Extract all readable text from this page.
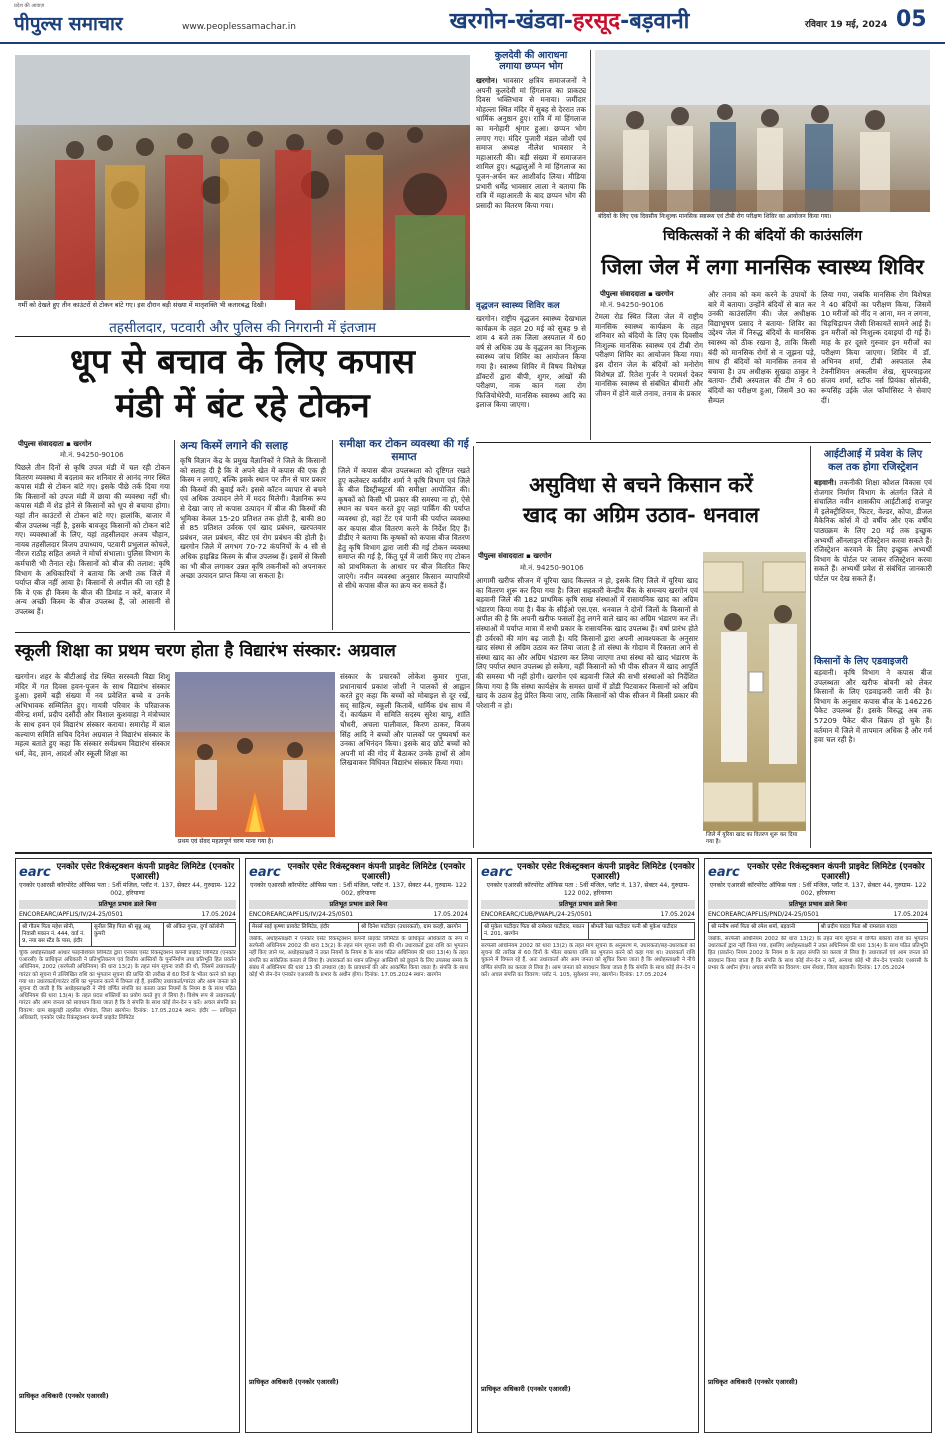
पीपुल्स समाचार
प्रदेश की आवाज़
www.peoplessamachar.in	खरगोन-खंडवा-हरसूद-बड़वानी	रविवार 19 मई, 2024 05
गर्मी को देखते हुए तीन काउंटरों से टोकन बांटे गए। इस दौरान बड़ी संख्या में मातृशक्ति भी कतारबद्ध दिखी।
तहसीलदार, पटवारी और पुलिस की निगरानी में इंतजाम
धूप से बचाव के लिए कपास
मंडी में बंट रहे टोकन
पीपुल्स संवाददाता ▪ खरगोन
मो.नं. 94250-90106
पिछले तीन दिनों से कृषि उपज मंडी में चल रही टोकन वितरण व्यवस्था में बदलाव कर शनिवार से आनंद नगर स्थित कपास मंडी से टोकन बांटे गए। इसके पीछे तर्क दिया गया कि किसानों को उपज मंडी में छाया की व्यवस्था नहीं थी। कपास मंडी में शेड होने से किसानों को धूप से बचाया होगा। यहां तीन काउंटरों से टोकन बांटे गए। हालांकि, बाजार में बीज उपलब्ध नहीं है, इसके बावजूद किसानों को टोकन बांटे गए। व्यवस्थाओं के लिए, यहां तहसीलदार अजय चौहान, नायब तहसीलदार विजय उपाध्याय, पटवारी प्रभुलाल कोचले, नीरज राठौड़ सहित अमले ने मोर्चा संभाला। पुलिस विभाग के कर्मचारी भी तैनात रहे। किसानों को बीज की तलाश: कृषि विभाग के अधिकारियों ने बताया कि अभी तक जिले में पर्याप्त बीज नहीं आया है। किसानों से अपील की जा रही है कि वे एक ही किस्म के बीज की डिमांड न करें, बाजार में अन्य अच्छी किस्म के बीज उपलब्ध हैं, जो आसानी से उपलब्ध हैं।
अन्य किस्में लगाने की सलाह
कृषि विज्ञान केंद्र के प्रमुख वैज्ञानिकों ने जिले के किसानों को सलाह दी है कि वे अपने खेत में कपास की एक ही किस्म न लगाएं, बल्कि इसके स्थान पर तीन से चार प्रकार की किस्मों की बुवाई करें। इससे कॉटन व्यापार से बचने एवं अधिक उत्पादन लेने में मदद मिलेगी। वैज्ञानिक रूप से देखा जाए तो कपास उत्पादन में बीज की किस्मों की भूमिका केवल 15-20 प्रतिशत तक होती है, बाकी 80 से 85 प्रतिशत उर्वरक एवं खाद प्रबंधन, खरपतवार प्रबंधन, जल प्रबंधन, कीट एवं रोग प्रबंधन की होती है। खरगोन जिले में लगभग 70-72 कंपनियों के 4 सौ से अधिक हाइब्रिड किस्म के बीज उपलब्ध हैं। इसमें से किसी का भी बीज लगाकर उन्नत कृषि तकनीकों को अपनाकर अच्छा उत्पादन प्राप्त किया जा सकता है।
समीक्षा कर टोकन व्यवस्था की गई समाप्त
जिले में कपास बीज उपलब्धता को दृष्टिगत रखते हुए कलेक्टर कर्मवीर शर्मा ने कृषि विभाग एवं जिले के बीज डिस्ट्रीब्यूटर्स की समीक्षा आयोजित की। कृषकों को किसी भी प्रकार की समस्या ना हो, ऐसे स्थान का चयन करते हुए जहां पार्किंग की पर्याप्त व्यवस्था हो, वहां टेंट एवं पानी की पर्याप्त व्यवस्था कर कपास बीज वितरण करने के निर्देश दिए हैं। डीडीए ने बताया कि कृषकों को कपास बीज वितरण हेतु कृषि विभाग द्वारा जारी की गई टोकन व्यवस्था समाप्त की गई है, किंतु पूर्व में जारी किए गए टोकन को प्राथमिकता के आधार पर बीज वितरित किए जाएंगे। नवीन व्यवस्था अनुसार किसान व्यापारियों से सीधे कपास बीज का क्रय कर सकते हैं।
कुलदेवी की आराधना
लगाया छप्पन भोग
खरगोन। भावसार क्षत्रिय समाजजनों ने अपनी कुलदेवी मां हिंगलाज का प्राकट्य दिवस भक्तिभाव से मनाया। जमींदार मोहल्ला स्थित मंदिर में सुबह से देररात तक धार्मिक अनुष्ठान हुए। रात्रि में मां हिंगलाज का मनोहारी श्रृंगार हुआ। छप्पन भोग लगाए गए। मंदिर पुजारी मंडल जोशी एवं समाज अध्यक्ष नीलेश भावसार ने महाआरती की। बड़ी संख्या में समाजजन शामिल हुए। श्रद्धालुओं ने मां हिंगलाज का पूजन-अर्चन कर आशीर्वाद लिया। मीडिया प्रभारी धर्मेंद्र भावसार लाला ने बताया कि रात्रि में महाआरती के बाद छप्पन भोग की प्रसादी का वितरण किया गया।
वृद्धजन स्वास्थ्य शिविर कल
खरगोन। राष्ट्रीय वृद्धजन स्वास्थ्य देखभाल कार्यक्रम के तहत 20 मई को सुबह 9 से शाम 4 बजे तक जिला अस्पताल में 60 वर्ष से अधिक उम्र के वृद्धजन का निःशुल्क स्वास्थ्य जांच शिविर का आयोजन किया गया है। स्वास्थ्य शिविर में विषय विशेषज्ञ डॉक्टरों द्वारा बीपी, शुगर, आंखों की परीक्षण, नाक कान गला रोग फिजियोथेरेपी, मानसिक स्वास्थ्य आदि का इलाज किया जाएगा।
बंदियों के लिए एक दिवसीय निःशुल्क मानसिक स्वास्थ्य एवं टीबी रोग परीक्षण शिविर का आयोजन किया गया।
चिकित्सकों ने की बंदियों की काउंसलिंग
जिला जेल में लगा मानसिक स्वास्थ्य शिविर
पीपुल्स संवाददाता ▪ खरगोन
मो.नं. 94250-90106
टेमला रोड स्थित जिला जेल में राष्ट्रीय मानसिक स्वास्थ्य कार्यक्रम के तहत शनिवार को बंदियों के लिए एक दिवसीय निःशुल्क मानसिक स्वास्थ्य एवं टीबी रोग परीक्षण शिविर का आयोजन किया गया। इस दौरान जेल के बंदियों को मनोरोग विशेषज्ञ डॉ. रितेश गुर्जर ने परामर्श देकर मानसिक स्वास्थ्य से संबंधित बीमारी और जीवन में होने वाले तनाव, तनाव के प्रकार
और तनाव को कम करने के उपायों के बारे में बताया। उन्होंने बंदियों से बात कर उनकी काउंसलिंग की। जेल अधीक्षक विद्याभूषण प्रसाद ने बताया- शिविर का उद्देश्य जेल में निरुद्ध बंदियों के मानसिक स्वास्थ्य को ठीक रखना है, ताकि किसी बंदी को मानसिक रोगों से न जूझना पड़े, साथ ही बंदियों को मानसिक तनाव से बचाया है। उप अधीक्षक सुखदा ठाकुर ने बताया- टीबी अस्पताल की टीम ने 60 बंदियों का परीक्षण हुआ, जिसमें 30 का सैम्पल
लिया गया, जबकि मानसिक रोग विशेषज्ञ ने 40 बंदियों का परीक्षण किया, जिसमें 10 मरीजों को नींद न आना, मन न लगना, चिड़चिड़ापन जैसी शिकायतें सामने आई हैं। इन मरीजों को निःशुल्क दवाइयां दी गई हैं। माह के हर दूसरे गुरुवार इन मरीजों का परीक्षण किया जाएगा। शिविर में डॉ. अभिनव शर्मा, टीबी अस्पताल लैब टेक्नीशियन अकलीम शेख, सुपरवाइजर संजय शर्मा, स्टॉफ नर्स प्रियंका सोलंकी, रूपसिंह उईके जेल फॉर्मासिस्ट ने सेवाएं दीं।
असुविधा से बचने किसान करें
खाद का अग्रिम उठाव- धनवाल
पीपुल्स संवाददाता ▪ खरगोन
मो.नं. 94250-90106
आगामी खरीफ सीजन में यूरिया खाद किल्लत न हो, इसके लिए जिले में यूरिया खाद का वितरण शुरू कर दिया गया है। जिला सहकारी केन्द्रीय बैंक के समन्वय खरगोन एवं बड़वानी जिले की 182 प्राथमिक कृषि साख संस्थाओं में रासायनिक खाद का अग्रिम भंडारण किया गया है। बैंक के सीईओ एस.एस. धनवाल ने दोनों जिलों के किसानों से अपील की है कि अपनी खरीफ फसलों हेतु लगने वाले खाद का अग्रिम भंडारण कर लें। संस्थाओं में पर्याप्त मात्रा में सभी प्रकार के रासायनिक खाद उपलब्ध हैं। वर्षा प्रारंभ होते ही उर्वरकों की मांग बढ़ जाती है। यदि किसानों द्वारा अपनी आवश्यकता के अनुसार खाद संस्था से अग्रिम उठाव कर लिया जाता है तो संस्था के गोदाम में रिक्तता आने से संस्था खाद का और अग्रिम भंडारण कर लिया जाएगा तथा संस्था को खाद भंडारण के लिए पर्याप्त स्थान उपलब्ध हो सकेगा, वहीं किसानों को भी पीक सीजन में खाद आपूर्ति की समस्या भी नहीं होगी। खरगोन एवं बड़वानी जिले की सभी संस्थाओं को निर्देशित किया गया है कि संस्था कार्यक्षेत्र के समस्त ग्रामों में डोंडी पिटवाकर किसानों को अग्रिम खाद के उठाव हेतु प्रेरित किया जाए, ताकि किसानों को पीक सीजन में किसी प्रकार की परेशानी न हो।
जिले में यूरिया खाद का वितरण शुरू कर दिया गया है।
आईटीआई में प्रवेश के लिए
कल तक होगा रजिस्ट्रेशन
बड़वानी। तकनीकी शिक्षा कौशल विकास एवं रोजगार निर्माण विभाग के अंतर्गत जिले में संचालित नवीन शासकीय आईटीआई राजपुर में इलेक्ट्रीशियन, फिटर, वेल्डर, कोपा, डीजल मैकेनिक कोर्स में दो वर्षीय और एक वर्षीय पाठ्यक्रम के लिए 20 मई तक इच्छुक अभ्यर्थी ऑनलाइन रजिस्ट्रेशन करवा सकते हैं। रजिस्ट्रेशन करवाने के लिए इच्छुक अभ्यर्थी विभाग के पोर्टल पर जाकर रजिस्ट्रेशन करवा सकते हैं। अभ्यर्थी प्रवेश से संबंधित जानकारी पोर्टल पर देख सकते हैं।
किसानों के लिए एडवाइजरी
बड़वानी। कृषि विभाग ने कपास बीज उपलब्धता और खरीफ बोवनी को लेकर किसानों के लिए एडवाइजरी जारी की है। विभाग के अनुसार कपास बीज के 146226 पैकेट उपलब्ध हैं। इसके विरुद्ध अब तक 57209 पैकेट बीज विक्रय हो चुके हैं। वर्तमान में जिले में तापमान अधिक है और गर्म हवा चल रही है।
स्कूली शिक्षा का प्रथम चरण होता है विद्यारंभ संस्कार: अग्रवाल
खरगोन। शहर के बीटीआई रोड स्थित सरस्वती विद्या शिशु मंदिर में गत दिवस हवन-पूजन के साथ विद्यारंभ संस्कार हुआ। इसमें बड़ी संख्या में नव प्रवेशित बच्चे व उनके अभिभावक सम्मिलित हुए। गायत्री परिवार के परिव्राजक वीरेन्द्र शर्मा, प्रदीप दसौंदी और विशाल कुशवाहा ने मंत्रोच्चार के साथ हवन एवं विद्यारंभ संस्कार कराया। समारोह में बाल कल्याण समिति सचिव दिनेश अग्रवाल ने विद्यारंभ संस्कार के महत्व बताते हुए कहा कि संस्कार सर्वप्रथम विद्यारंभ संस्कार धर्म, वेद, ज्ञान, आदर्श और स्कूली शिक्षा का
प्रथम एवं सेंवद महत्वपूर्ण चरण माना गया है।
संस्कार के प्रचारकों लोकेश कुमार गुप्ता, प्रधानाचार्य प्रकाश जोशी ने पालकों से आह्वान करते हुए कहा कि बच्चों को मोबाइल से दूर रखें, सद् साहित्य, स्कूली किताबें, धार्मिक ग्रंथ साथ में दें। कार्यक्रम में समिति सदस्य सुरेश बापू, शांति चौधरी, अचला पालीवाल, किरण ठाकर, विजय सिंह आदि ने बच्चों और पालकों पर पुष्पवर्षा कर उनका अभिनंदन किया। इसके बाद छोटे बच्चों को अपनी मां की गोद में बैठाकर उनके हाथों से ओम लिखवाकर विधिवत विद्यारंभ संस्कार किया गया।
earc एनकोर एसेट रिकंस्ट्रक्शन कंपनी प्राइवेट लिमिटेड (एनकोर एआरसी)
एनकोर एआरसी कॉरपोरेट ऑफिस पता : 5वीं मंजिल, प्लॉट नं. 137, सेक्टर 44, गुरुग्राम- 122 002, हरियाणा
प्रतिभूत प्रभाव डाले बिना
ENCOREARC/APFLIS/IV/24-25/0501	17.05.2024
श्री गौतम पिता महेश सोनी, निवासी मकान नं. 444, वार्ड नं. 9, नया बस स्टैंड के पास, इंदौर
सुनील सिंह पिता श्री सुन्नू अन्नू कुमरी
श्री अंकित गुप्ता, दुर्गा कॉलोनी
चूंकि अधोहस्ताक्षरी आधार फाइनेंशियल लिमिटेड द्वारा एनकोर एसेट रिकंस्ट्रक्शन कंपनी प्राइवेट लिमिटेड (एनकोर एआरसी) के प्राधिकृत अधिकारी ने प्रतिभूतिकरण एवं वित्तीय आस्तियों के पुनर्निर्माण तथा प्रतिभूति हित प्रवर्तन अधिनियम, 2002 (सरफेसी अधिनियम) की धारा 13(2) के तहत मांग सूचना जारी की थी, जिसमें उधारकर्ता/गारंटर को सूचना में उल्लिखित राशि का भुगतान सूचना की प्राप्ति की तारीख से 60 दिनों के भीतर करने को कहा गया था। उधारकर्ता/गारंटर राशि का भुगतान करने में विफल रहे हैं, इसलिए उधारकर्ता/गारंटर और आम जनता को सूचना दी जाती है कि अधोहस्ताक्षरी ने नीचे वर्णित संपत्ति का कब्जा उक्त नियमों के नियम 8 के साथ पठित अधिनियम की धारा 13(4) के तहत प्रदत्त शक्तियों का प्रयोग करते हुए ले लिया है। विशेष रूप से उधारकर्ता/गारंटर और आम जनता को सावधान किया जाता है कि वे संपत्ति के साथ कोई लेन-देन न करें। अचल संपत्ति का विवरण: ग्राम बाबुलड़ी तहसील गोगांवा, जिला खरगोन। दिनांक: 17.05.2024 स्थान: इंदौर — प्राधिकृत अधिकारी, एनकोर एसेट रिकंस्ट्रक्शन कंपनी प्राइवेट लिमिटेड
प्राधिकृत अधिकारी (एनकोर एआरसी)
earc एनकोर एसेट रिकंस्ट्रक्शन कंपनी प्राइवेट लिमिटेड (एनकोर एआरसी)
एनकोर एआरसी कॉरपोरेट ऑफिस पता : 5वीं मंजिल, प्लॉट नं. 137, सेक्टर 44, गुरुग्राम- 122 002, हरियाणा
प्रतिभूत प्रभाव डाले बिना
ENCOREARC/APFLIS/IV/24-25/0501	17.05.2024
मेसर्स साई कृष्णा प्रायवेट लिमिटेड, इंदौर	श्री दिनेश पाटीदार (उधारकर्ता), ग्राम करही, खरगोन
जबकि, अधोहस्ताक्षरी ने एनकोर एसेट रिकंस्ट्रक्शन कंपनी प्राइवेट लिमिटेड के प्राधिकृत अधिकारी के रूप में सरफेसी अधिनियम 2002 की धारा 13(2) के तहत मांग सूचना जारी की थी। उधारकर्ता द्वारा राशि का भुगतान नहीं किए जाने पर, अधोहस्ताक्षरी ने उक्त नियमों के नियम 8 के साथ पठित अधिनियम की धारा 13(4) के तहत संपत्ति का सांकेतिक कब्जा ले लिया है। उधारकर्ता का ध्यान प्रतिभूत आस्तियों को छुड़ाने के लिए उपलब्ध समय के संबंध में अधिनियम की धारा 13 की उपधारा (8) के प्रावधानों की ओर आकर्षित किया जाता है। संपत्ति के साथ कोई भी लेन-देन एनकोर एआरसी के प्रभार के अधीन होगा। दिनांक: 17.05.2024 स्थान: खरगोन
प्राधिकृत अधिकारी (एनकोर एआरसी)
earc एनकोर एसेट रिकंस्ट्रक्शन कंपनी प्राइवेट लिमिटेड (एनकोर एआरसी)
एनकोर एआरसी कॉरपोरेट ऑफिस पता : 5वीं मंजिल, प्लॉट नं. 137, सेक्टर 44, गुरुग्राम- 122 002, हरियाणा
प्रतिभूत प्रभाव डाले बिना
ENCOREARC/CUB/PWAPL/24-25/0501	17.05.2024
श्री मुकेश पाटीदार पिता श्री रामेश्वर पाटीदार, मकान नं. 201, खरगोन
श्रीमती रेखा पाटीदार पत्नी श्री मुकेश पाटीदार
सरफेसी अधिनियम 2002 की धारा 13(2) के तहत मांग सूचना के अनुसरण में, उधारकर्ता/सह-उधारकर्ता को सूचना की तारीख से 60 दिनों के भीतर बकाया राशि का भुगतान करने को कहा गया था। उधारकर्ता राशि चुकाने में विफल रहे हैं, अतः उधारकर्ता और आम जनता को सूचित किया जाता है कि अधोहस्ताक्षरी ने नीचे वर्णित संपत्ति का कब्जा ले लिया है। आम जनता को सावधान किया जाता है कि संपत्ति के साथ कोई लेन-देन न करें। अचल संपत्ति का विवरण: प्लॉट नं. 105, सुकेश्वर नगर, खरगोन। दिनांक: 17.05.2024
प्राधिकृत अधिकारी (एनकोर एआरसी)
earc एनकोर एसेट रिकंस्ट्रक्शन कंपनी प्राइवेट लिमिटेड (एनकोर एआरसी)
एनकोर एआरसी कॉरपोरेट ऑफिस पता : 5वीं मंजिल, प्लॉट नं. 137, सेक्टर 44, गुरुग्राम- 122 002, हरियाणा
प्रतिभूत प्रभाव डाले बिना
ENCOREARC/APFLIS/PND/24-25/0501	17.05.2024
श्री मनीष शर्मा पिता श्री रमेश शर्मा, बड़वानी	श्री प्रदीप यादव पिता श्री रामलाल यादव
जबकि, सरफेसी अधिनियम 2002 की धारा 13(2) के तहत मांग सूचना में वर्णित बकाया राशि का भुगतान उधारकर्ता द्वारा नहीं किया गया, इसलिए अधोहस्ताक्षरी ने उक्त अधिनियम की धारा 13(4) के साथ पठित प्रतिभूति हित (प्रवर्तन) नियम 2002 के नियम 8 के तहत संपत्ति का कब्जा ले लिया है। उधारकर्ता एवं आम जनता को सावधान किया जाता है कि संपत्ति के साथ कोई लेन-देन न करें, अन्यथा कोई भी लेन-देन एनकोर एआरसी के प्रभार के अधीन होगा। अचल संपत्ति का विवरण: ग्राम सेंधवा, जिला बड़वानी। दिनांक: 17.05.2024
प्राधिकृत अधिकारी (एनकोर एआरसी)
